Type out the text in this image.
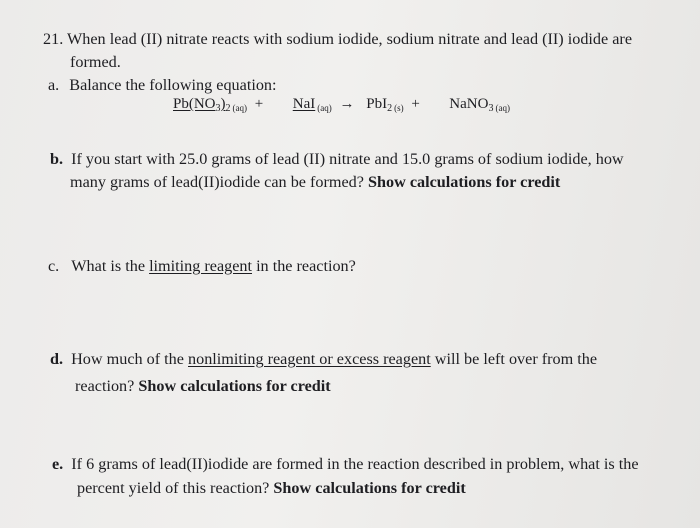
21. When lead (II) nitrate reacts with sodium iodide, sodium nitrate and lead (II) iodide are
formed.
a. Balance the following equation:
$Pb(NO_3)_2$ $_{(aq)}$ + NaI $_{(aq)}$ → PbI$_2$ $_{(s)}$ + NaNO$_3$ $_{(aq)}$
b. If you start with 25.0 grams of lead (II) nitrate and 15.0 grams of sodium iodide, how
many grams of lead(II)iodide can be formed? Show calculations for credit
c. What is the limiting reagent in the reaction?
d. How much of the nonlimiting reagent or excess reagent will be left over from the
reaction? Show calculations for credit
e. If 6 grams of lead(II)iodide are formed in the reaction described in problem, what is the
percent yield of this reaction? Show calculations for credit
